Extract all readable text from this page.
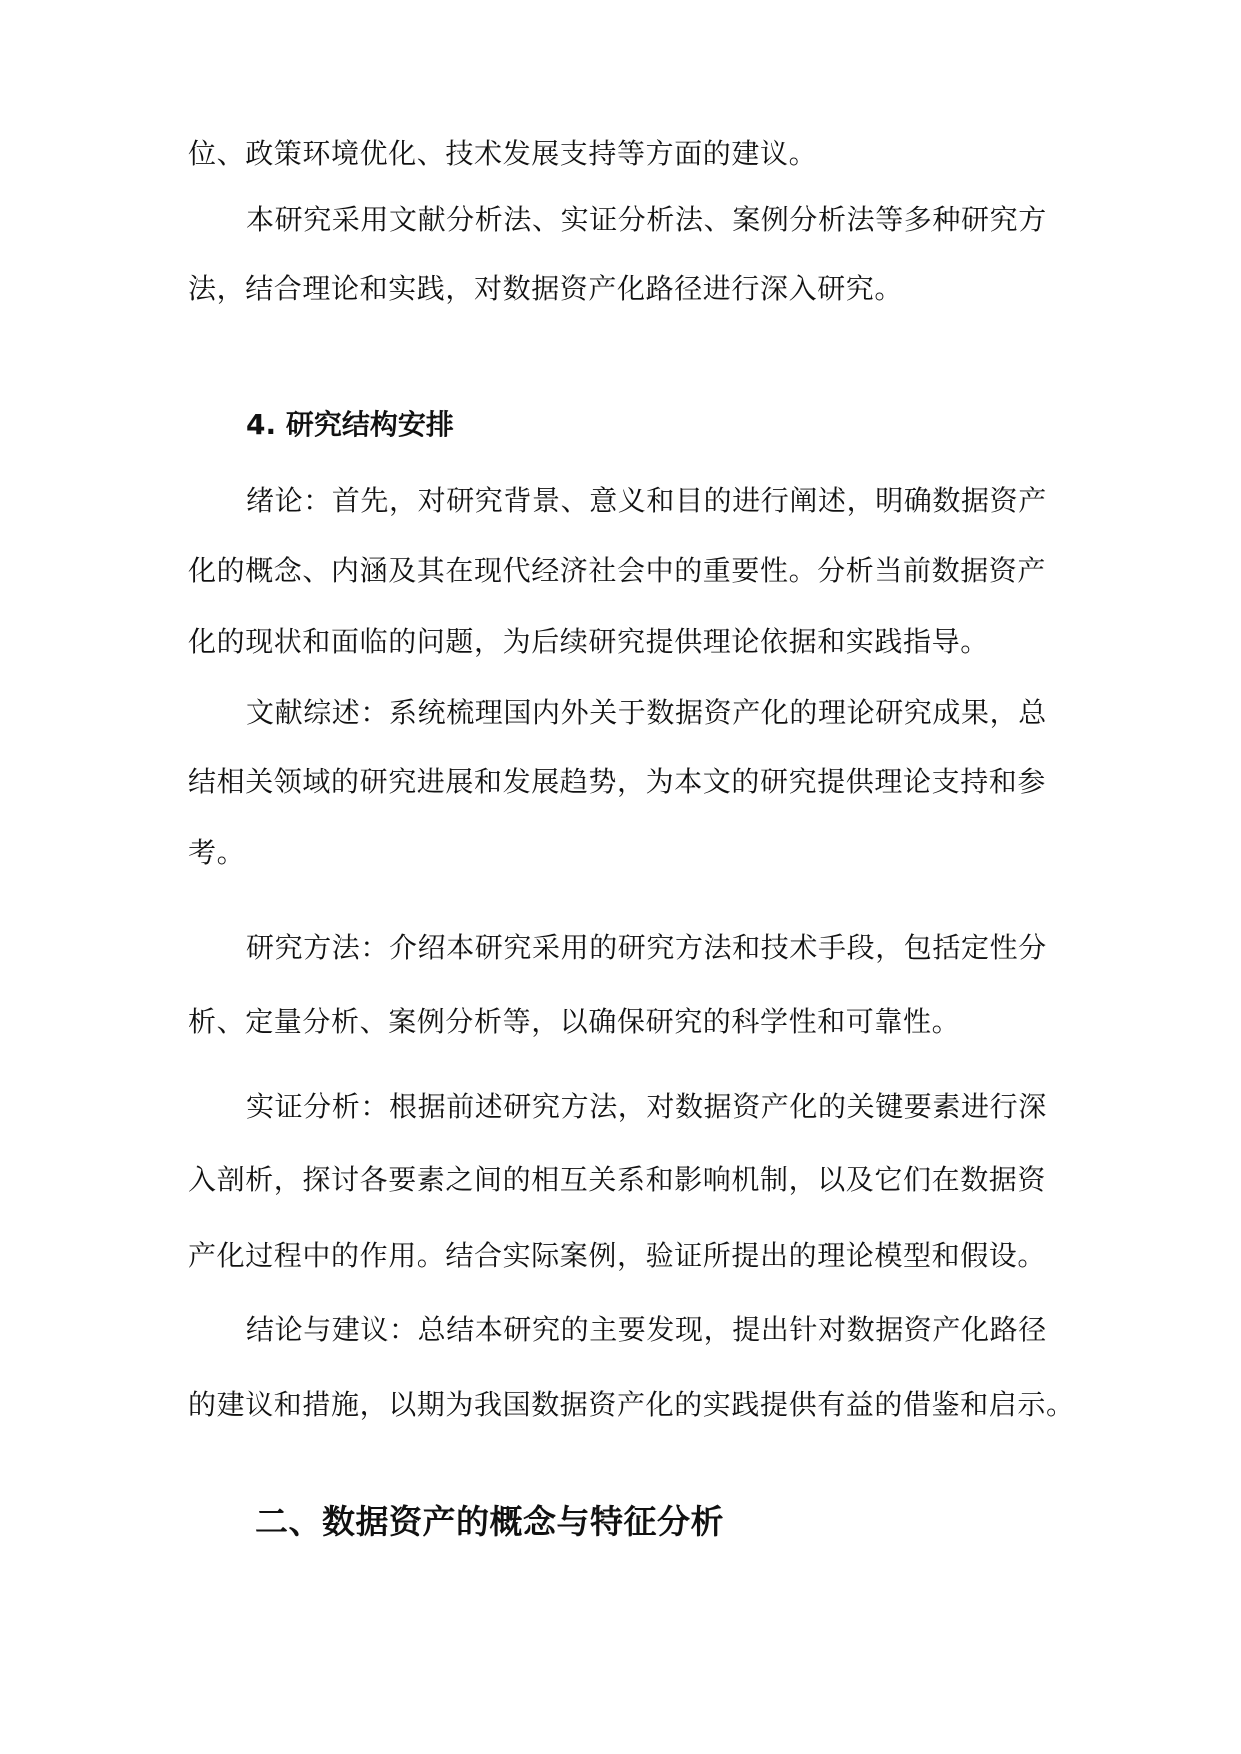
位、政策环境优化、技术发展支持等方面的建议。
本研究采用文献分析法、实证分析法、案例分析法等多种研究方
法，结合理论和实践，对数据资产化路径进行深入研究。
4. 研究结构安排
绪论：首先，对研究背景、意义和目的进行阐述，明确数据资产
化的概念、内涵及其在现代经济社会中的重要性。分析当前数据资产
化的现状和面临的问题，为后续研究提供理论依据和实践指导。
文献综述：系统梳理国内外关于数据资产化的理论研究成果，总
结相关领域的研究进展和发展趋势，为本文的研究提供理论支持和参
考。
研究方法：介绍本研究采用的研究方法和技术手段，包括定性分
析、定量分析、案例分析等，以确保研究的科学性和可靠性。
实证分析：根据前述研究方法，对数据资产化的关键要素进行深
入剖析，探讨各要素之间的相互关系和影响机制，以及它们在数据资
产化过程中的作用。结合实际案例，验证所提出的理论模型和假设。
结论与建议：总结本研究的主要发现，提出针对数据资产化路径
的建议和措施，以期为我国数据资产化的实践提供有益的借鉴和启示。
二、数据资产的概念与特征分析
